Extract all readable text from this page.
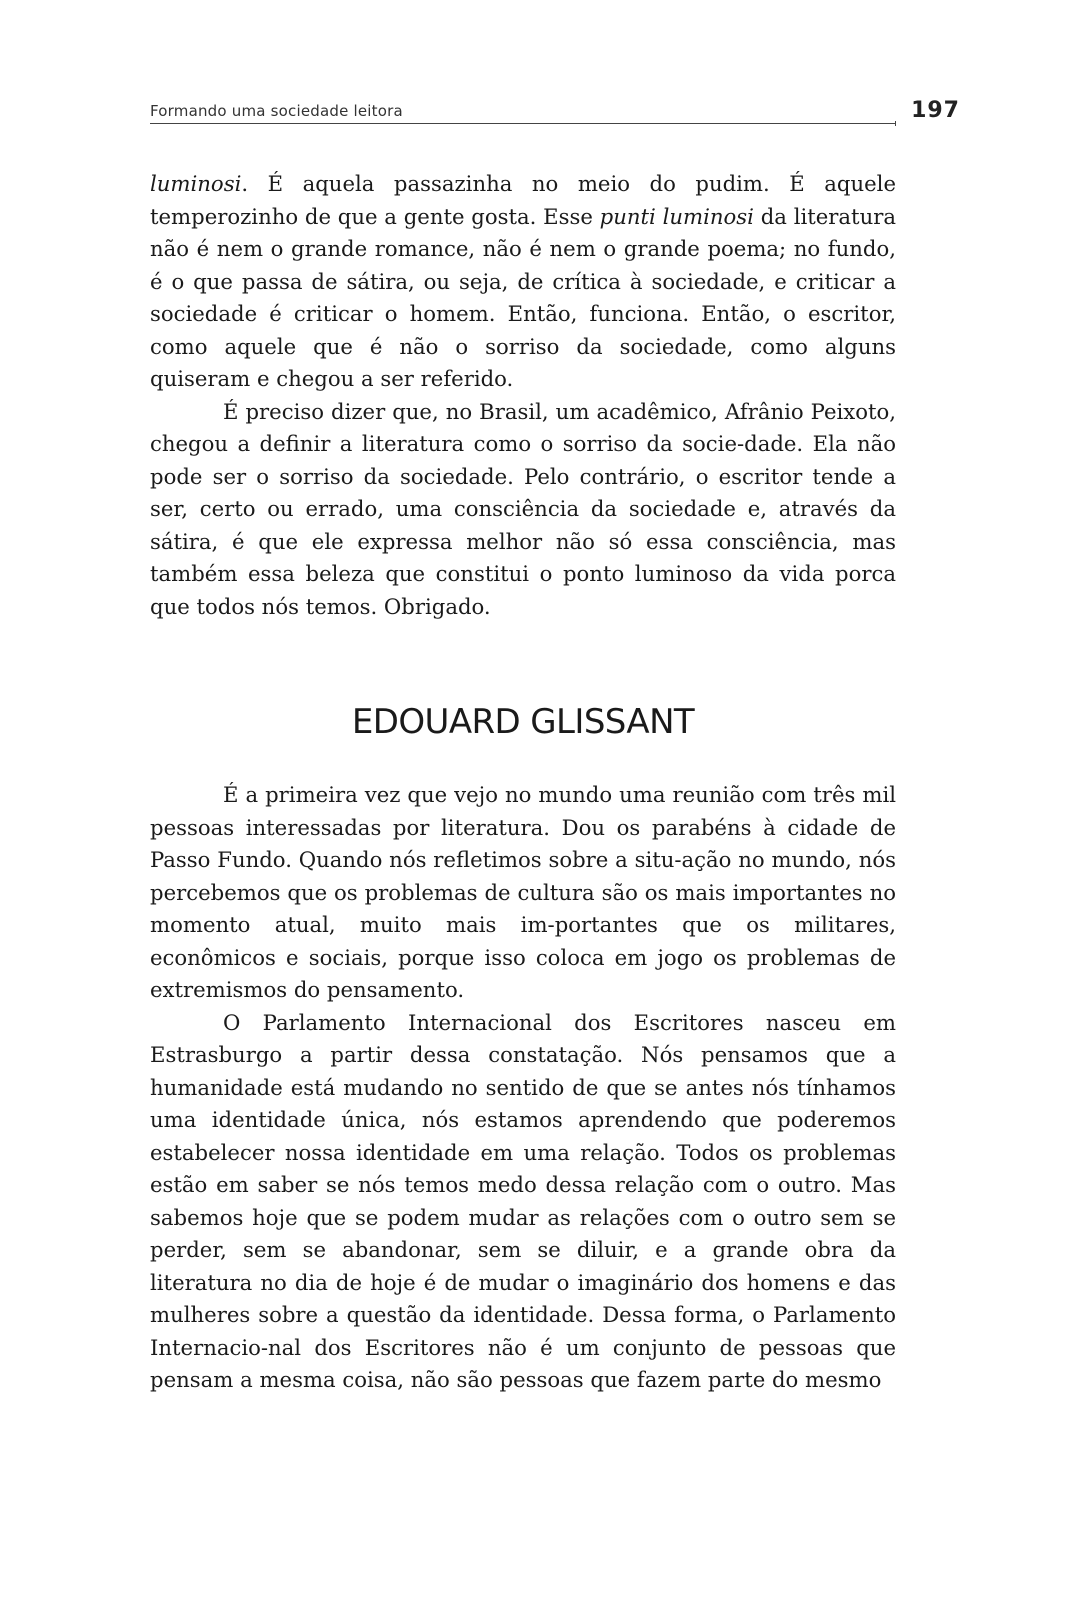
Formando uma sociedade leitora	197

luminosi. É aquela passazinha no meio do pudim. É aquele temperozinho de que a gente gosta. Esse punti luminosi da literatura não é nem o grande romance, não é nem o grande poema; no fundo, é o que passa de sátira, ou seja, de crítica à sociedade, e criticar a sociedade é criticar o homem. Então, funciona. Então, o escritor, como aquele que é não o sorriso da sociedade, como alguns quiseram e chegou a ser referido.

É preciso dizer que, no Brasil, um acadêmico, Afrânio Peixoto, chegou a definir a literatura como o sorriso da socie-dade. Ela não pode ser o sorriso da sociedade. Pelo contrário, o escritor tende a ser, certo ou errado, uma consciência da sociedade e, através da sátira, é que ele expressa melhor não só essa consciência, mas também essa beleza que constitui o ponto luminoso da vida porca que todos nós temos. Obrigado.

EDOUARD GLISSANT

É a primeira vez que vejo no mundo uma reunião com três mil pessoas interessadas por literatura. Dou os parabéns à cidade de Passo Fundo. Quando nós refletimos sobre a situ-ação no mundo, nós percebemos que os problemas de cultura são os mais importantes no momento atual, muito mais im-portantes que os militares, econômicos e sociais, porque isso coloca em jogo os problemas de extremismos do pensamento.

O Parlamento Internacional dos Escritores nasceu em Estrasburgo a partir dessa constatação. Nós pensamos que a humanidade está mudando no sentido de que se antes nós tínhamos uma identidade única, nós estamos aprendendo que poderemos estabelecer nossa identidade em uma relação. Todos os problemas estão em saber se nós temos medo dessa relação com o outro. Mas sabemos hoje que se podem mudar as relações com o outro sem se perder, sem se abandonar, sem se diluir, e a grande obra da literatura no dia de hoje é de mudar o imaginário dos homens e das mulheres sobre a questão da identidade. Dessa forma, o Parlamento Internacio-nal dos Escritores não é um conjunto de pessoas que pensam a mesma coisa, não são pessoas que fazem parte do mesmo
